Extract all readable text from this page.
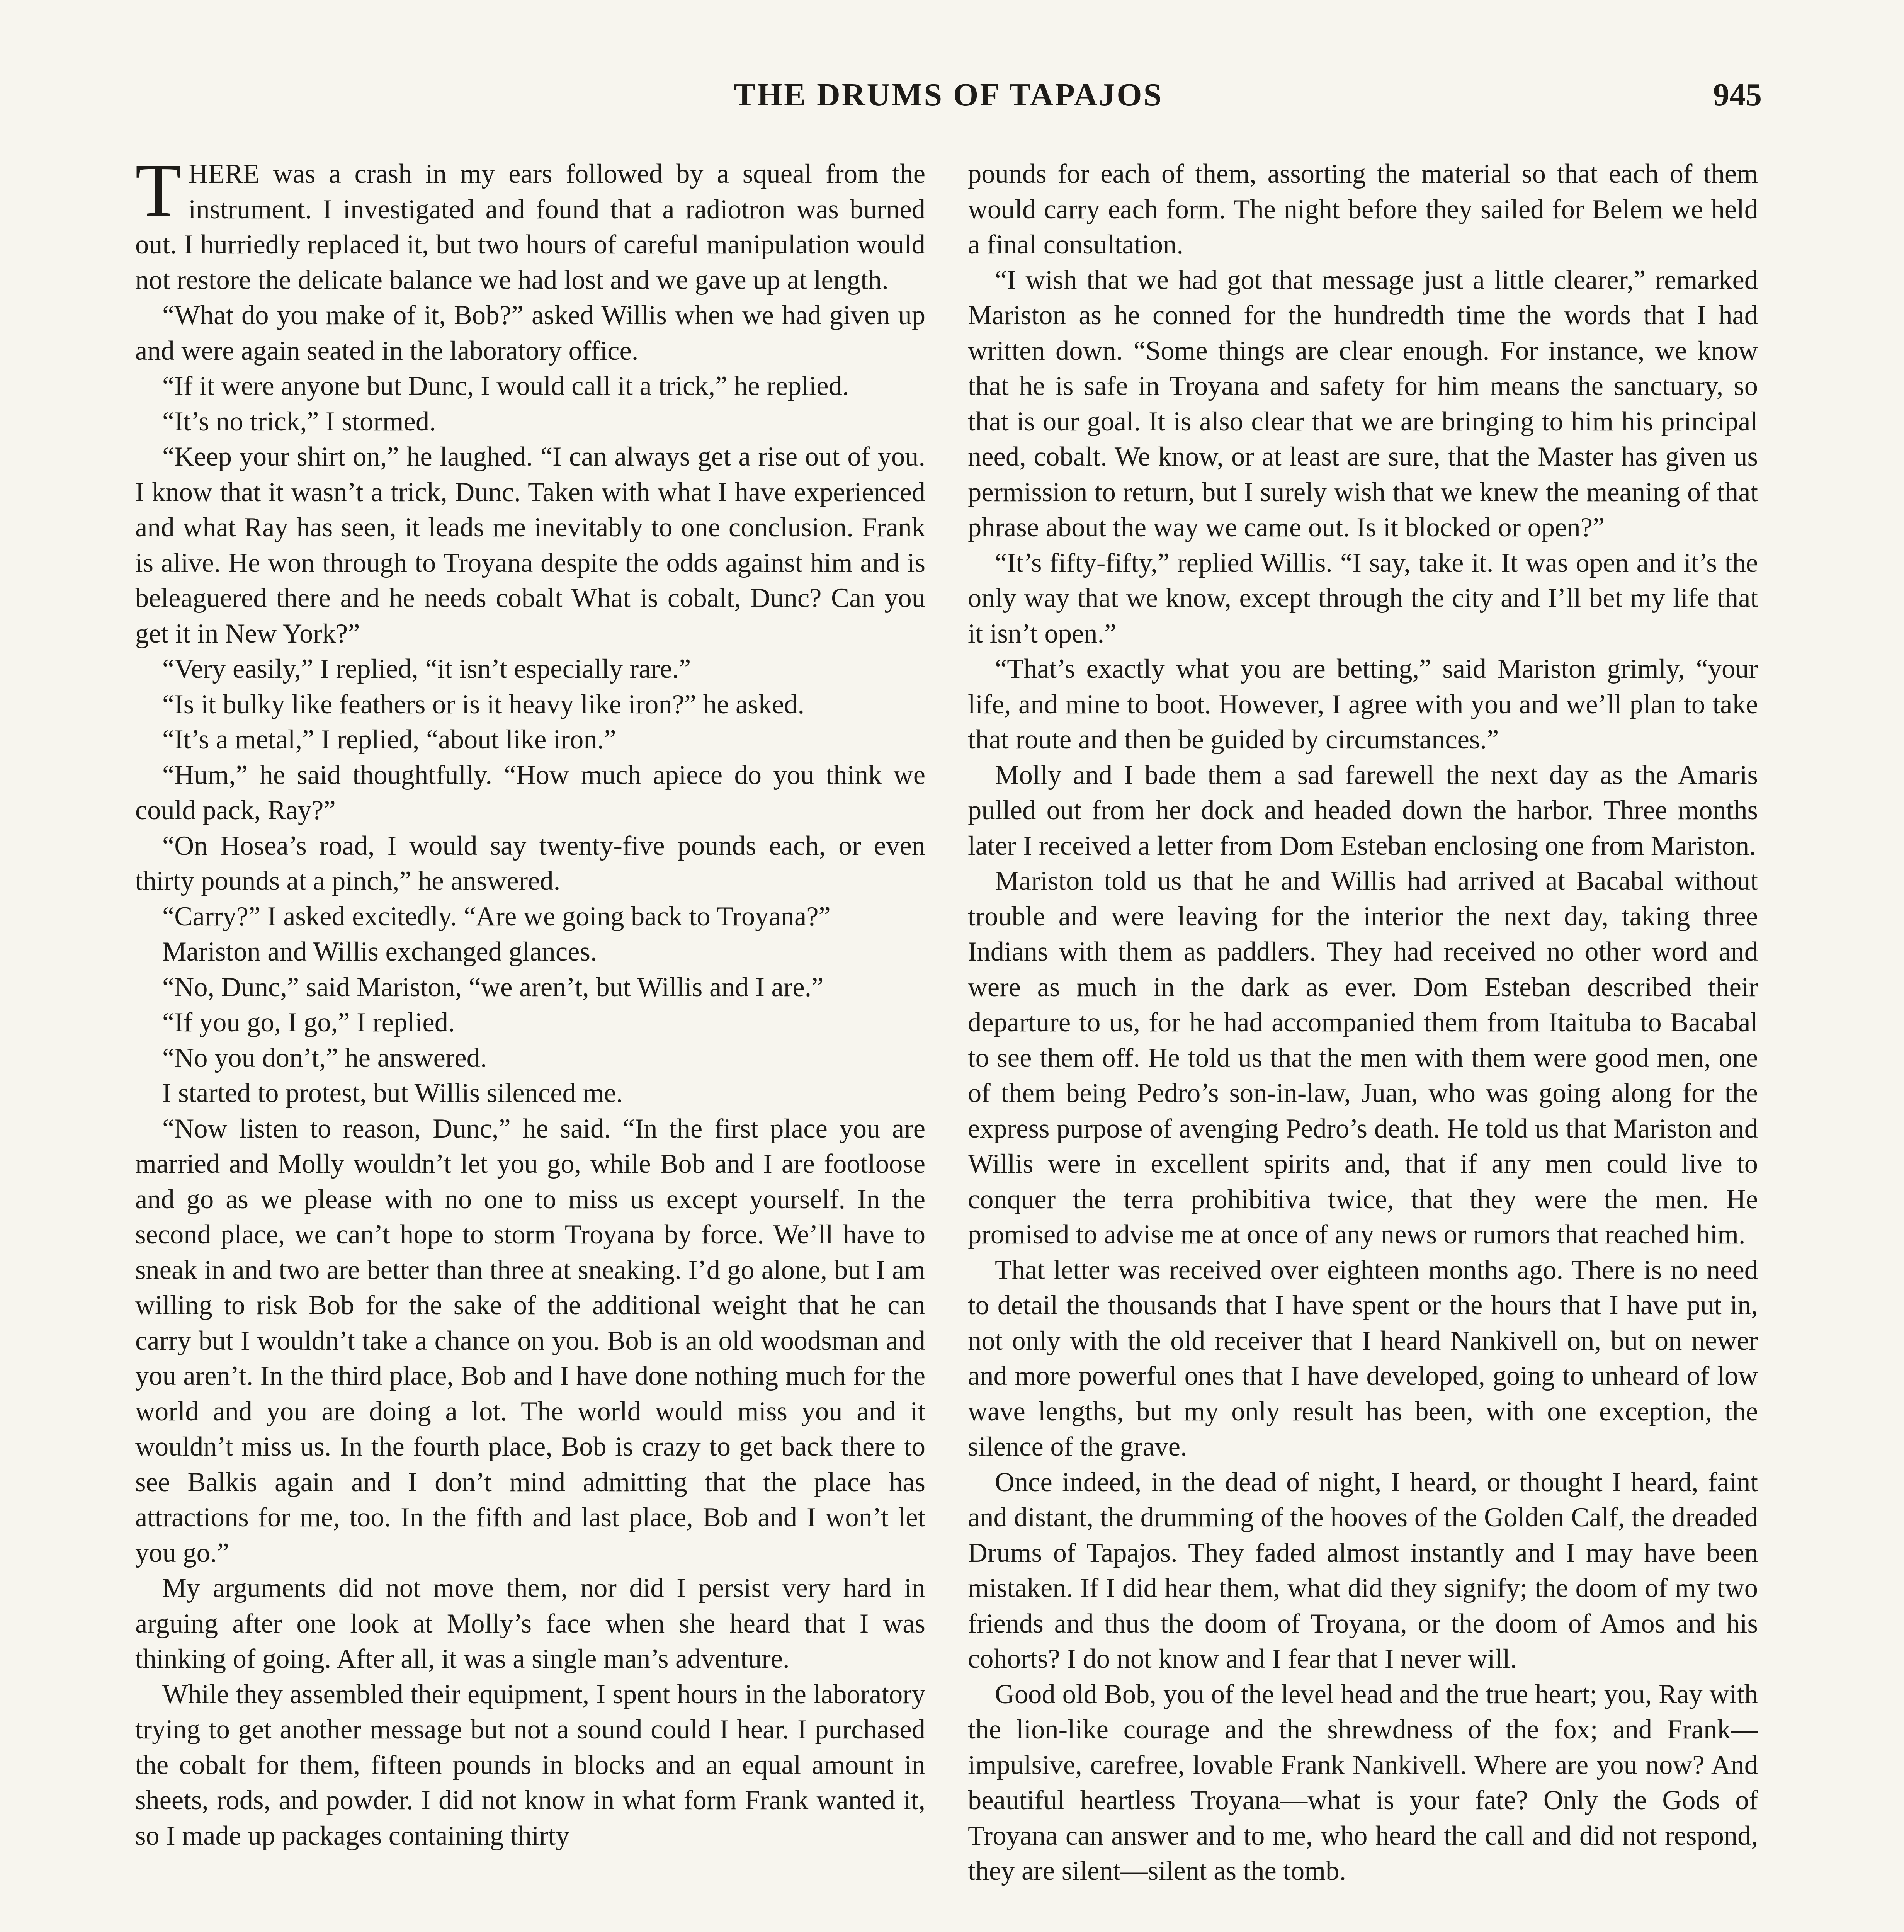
THE DRUMS OF TAPAJOS	945

THERE was a crash in my ears followed by a squeal from the instrument. I investigated and found that a radiotron was burned out. I hurriedly replaced it, but two hours of careful manipulation would not restore the delicate balance we had lost and we gave up at length.

“What do you make of it, Bob?” asked Willis when we had given up and were again seated in the laboratory office.

“If it were anyone but Dunc, I would call it a trick,” he replied.

“It’s no trick,” I stormed.

“Keep your shirt on,” he laughed. “I can always get a rise out of you. I know that it wasn’t a trick, Dunc. Taken with what I have experienced and what Ray has seen, it leads me inevitably to one conclusion. Frank is alive. He won through to Troyana despite the odds against him and is beleaguered there and he needs cobalt What is cobalt, Dunc? Can you get it in New York?”

“Very easily,” I replied, “it isn’t especially rare.”

“Is it bulky like feathers or is it heavy like iron?” he asked.

“It’s a metal,” I replied, “about like iron.”

“Hum,” he said thoughtfully. “How much apiece do you think we could pack, Ray?”

“On Hosea’s road, I would say twenty-five pounds each, or even thirty pounds at a pinch,” he answered.

“Carry?” I asked excitedly. “Are we going back to Troyana?”

Mariston and Willis exchanged glances.

“No, Dunc,” said Mariston, “we aren’t, but Willis and I are.”

“If you go, I go,” I replied.

“No you don’t,” he answered.

I started to protest, but Willis silenced me.

“Now listen to reason, Dunc,” he said. “In the first place you are married and Molly wouldn’t let you go, while Bob and I are footloose and go as we please with no one to miss us except yourself. In the second place, we can’t hope to storm Troyana by force. We’ll have to sneak in and two are better than three at sneaking. I’d go alone, but I am willing to risk Bob for the sake of the additional weight that he can carry but I wouldn’t take a chance on you. Bob is an old woodsman and you aren’t. In the third place, Bob and I have done nothing much for the world and you are doing a lot. The world would miss you and it wouldn’t miss us. In the fourth place, Bob is crazy to get back there to see Balkis again and I don’t mind admitting that the place has attractions for me, too. In the fifth and last place, Bob and I won’t let you go.”

My arguments did not move them, nor did I persist very hard in arguing after one look at Molly’s face when she heard that I was thinking of going. After all, it was a single man’s adventure.

While they assembled their equipment, I spent hours in the laboratory trying to get another message but not a sound could I hear. I purchased the cobalt for them, fifteen pounds in blocks and an equal amount in sheets, rods, and powder. I did not know in what form Frank wanted it, so I made up packages containing thirty

pounds for each of them, assorting the material so that each of them would carry each form. The night before they sailed for Belem we held a final consultation.

“I wish that we had got that message just a little clearer,” remarked Mariston as he conned for the hundredth time the words that I had written down. “Some things are clear enough. For instance, we know that he is safe in Troyana and safety for him means the sanctuary, so that is our goal. It is also clear that we are bringing to him his principal need, cobalt. We know, or at least are sure, that the Master has given us permission to return, but I surely wish that we knew the meaning of that phrase about the way we came out. Is it blocked or open?”

“It’s fifty-fifty,” replied Willis. “I say, take it. It was open and it’s the only way that we know, except through the city and I’ll bet my life that it isn’t open.”

“That’s exactly what you are betting,” said Mariston grimly, “your life, and mine to boot. However, I agree with you and we’ll plan to take that route and then be guided by circumstances.”

Molly and I bade them a sad farewell the next day as the Amaris pulled out from her dock and headed down the harbor. Three months later I received a letter from Dom Esteban enclosing one from Mariston.

Mariston told us that he and Willis had arrived at Bacabal without trouble and were leaving for the interior the next day, taking three Indians with them as paddlers. They had received no other word and were as much in the dark as ever. Dom Esteban described their departure to us, for he had accompanied them from Itaituba to Bacabal to see them off. He told us that the men with them were good men, one of them being Pedro’s son-in-law, Juan, who was going along for the express purpose of avenging Pedro’s death. He told us that Mariston and Willis were in excellent spirits and, that if any men could live to conquer the terra prohibitiva twice, that they were the men. He promised to advise me at once of any news or rumors that reached him.

That letter was received over eighteen months ago. There is no need to detail the thousands that I have spent or the hours that I have put in, not only with the old receiver that I heard Nankivell on, but on newer and more powerful ones that I have developed, going to unheard of low wave lengths, but my only result has been, with one exception, the silence of the grave.

Once indeed, in the dead of night, I heard, or thought I heard, faint and distant, the drumming of the hooves of the Golden Calf, the dreaded Drums of Tapajos. They faded almost instantly and I may have been mistaken. If I did hear them, what did they signify; the doom of my two friends and thus the doom of Troyana, or the doom of Amos and his cohorts? I do not know and I fear that I never will.

Good old Bob, you of the level head and the true heart; you, Ray with the lion-like courage and the shrewdness of the fox; and Frank—impulsive, carefree, lovable Frank Nankivell. Where are you now? And beautiful heartless Troyana—what is your fate? Only the Gods of Troyana can answer and to me, who heard the call and did not respond, they are silent—silent as the tomb.
